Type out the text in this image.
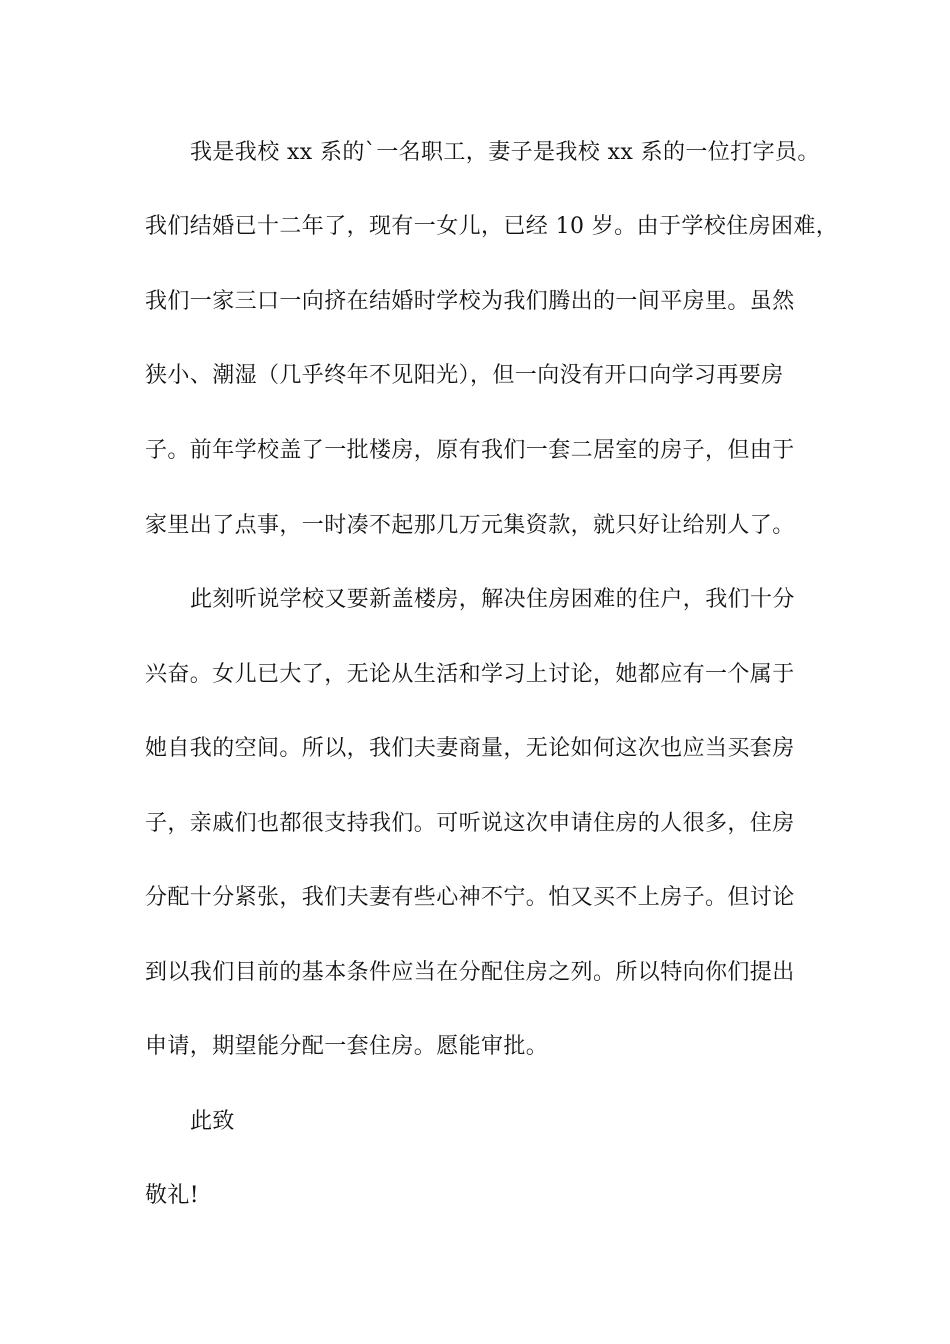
我是我校 xx 系的`一名职工，妻子是我校 xx 系的一位打字员。
我们结婚已十二年了，现有一女儿，已经 10 岁。由于学校住房困难，
我们一家三口一向挤在结婚时学校为我们腾出的一间平房里。虽然
狭小、潮湿（几乎终年不见阳光），但一向没有开口向学习再要房
子。前年学校盖了一批楼房，原有我们一套二居室的房子，但由于
家里出了点事，一时凑不起那几万元集资款，就只好让给别人了。
此刻听说学校又要新盖楼房，解决住房困难的住户，我们十分
兴奋。女儿已大了，无论从生活和学习上讨论，她都应有一个属于
她自我的空间。所以，我们夫妻商量，无论如何这次也应当买套房
子，亲戚们也都很支持我们。可听说这次申请住房的人很多，住房
分配十分紧张，我们夫妻有些心神不宁。怕又买不上房子。但讨论
到以我们目前的基本条件应当在分配住房之列。所以特向你们提出
申请，期望能分配一套住房。愿能审批。
此致
敬礼!
